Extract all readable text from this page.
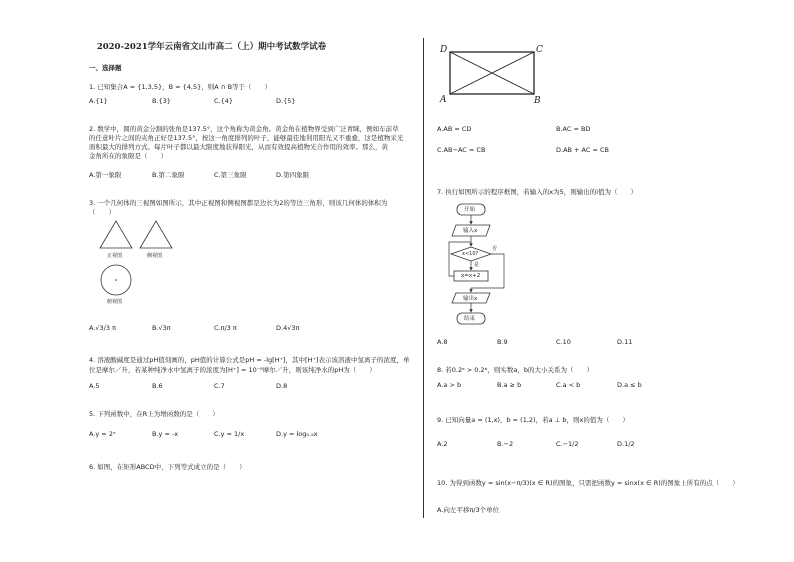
2020-2021学年云南省文山市高二（上）期中考试数学试卷
一、选择题
1. 已知集合A = {1,3,5}，B = {4,5}，则A ∩ B等于（　　）
A.{1}	B.{3}	C.{4}	D.{5}
2. 数学中，圆的黄金分割的张角是137.5°，这个角称为黄金角。黄金角在植物界受到广泛青睐，例如车前草
的任意叶片之间的夹角正好是137.5°，按这一角度排列的叶子，能够最佳地利用阳光又不重叠，这是植物采光
面积最大的排列方式。每片叶子都以最大限度地获得阳光，从而有效提高植物光合作用的效率。那么，黄
金角所在的象限是（　　）
A.第一象限	B.第二象限	C.第三象限	D.第四象限
3. 一个几何体的三视图如图所示，其中正视图和侧视图都是边长为2的等边三角形，则该几何体的体积为
（　　）
正视图	侧视图
俯视图
A.√3/3 π	B.√3π	C.π/3 π	D.4√3π
4. 溶液酸碱度是通过pH值刻画的，pH值的计算公式是pH = -lg[H⁺]，其中[H⁺]表示该溶液中氢离子的浓度，单
位是摩尔／升，若某种纯净水中氢离子的浓度为[H⁺] = 10⁻⁸摩尔／升，则该纯净水的pH为（　　）
A.5	B.6	C.7	D.8
5. 下列函数中，在R上为增函数的是（　　）
A.y = 2ˣ	B.y = -x	C.y = 1/x	D.y = log₀.₅x
6. 如图，在矩形ABCD中，下列等式成立的是（　　）
D	C
A	B
A.AB = CD	B.AC = BD
C.AB−AC = CB	D.AB + AC = CB
7. 执行如图所示的程序框图，若输入的x为5，则输出的i值为（　　）
开始
输入x
x<10?
否
是
x=x+2
输出x
结束
A.8	B.9	C.10	D.11
8. 若0.2ᵃ > 0.2ᵇ，则实数a，b的大小关系为（　　）
A.a > b	B.a ≥ b	C.a < b	D.a ≤ b
9. 已知向量a = (1,x)，b = (1,2)，若a ⊥ b，则x的值为（　　）
A.2	B.−2	C.−1/2	D.1/2
10. 为得到函数y = sin(x−π/3)(x ∈ R)的图象，只需把函数y = sinx(x ∈ R)的图象上所有的点（　　）
A.向左平移π/3个单位
